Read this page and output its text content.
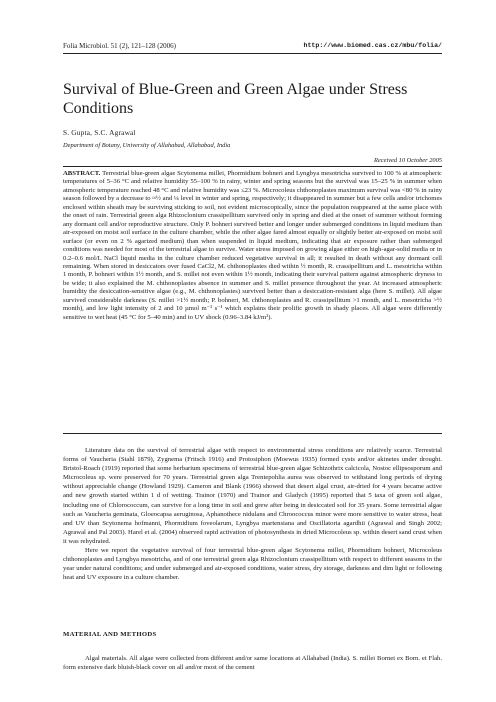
Folia Microbiol. 51 (2), 121–128 (2006)	http://www.biomed.cas.cz/mbu/folia/
Survival of Blue-Green and Green Algae under Stress Conditions
S. Gupta, S.C. Agrawal
Department of Botany, University of Allahabad, Allahabad, India
Received 10 October 2005
ABSTRACT. Terrestrial blue-green algae Scytonema millei, Phormidium bohneri and Lyngbya mesotricha survived to 100 % at atmospheric temperatures of 5–36 °C and relative humidity 55–100 % in rainy, winter and spring seasons but the survival was 15–25 % in summer when atmospheric temperature reached 48 °C and relative humidity was ≤23 %. Microcoleus chthonoplastes maximum survival was <80 % in rainy season followed by a decrease to ≈½ and ¼ level in winter and spring, respectively; it disappeared in summer but a few cells and/or trichomes enclosed within sheath may be surviving sticking to soil, not evident microscopically, since the population reappeared at the same place with the onset of rain. Terrestrial green alga Rhizoclonium crassipellitum survived only in spring and died at the onset of summer without forming any dormant cell and/or reproductive structure. Only P. bohneri survived better and longer under submerged conditions in liquid medium than air-exposed on moist soil surface in the culture chamber, while the other algae fared almost equally or slightly better air-exposed on moist soil surface (or even on 2 % agarized medium) than when suspended in liquid medium, indicating that air exposure rather than submerged conditions was needed for most of the terrestrial algae to survive. Water stress imposed on growing algae either on high-agar-solid media or in 0.2–0.6 mol/L NaCl liquid media in the culture chamber reduced vegetative survival in all; it resulted in death without any dormant cell remaining. When stored in desiccators over fused CaCl2, M. chthonoplastes died within ½ month, R. crassipellitum and L. mesotricha within 1 month, P. bohneri within 1½ month, and S. millei not even within 1½ month, indicating their survival pattern against atmospheric dryness to be wide; it also explained the M. chthonoplastes absence in summer and S. millei presence throughout the year. At increased atmospheric humidity the desiccation-sensitive algae (e.g., M. chthonoplastes) survived better than a desiccation-resistant alga (here S. millei). All algae survived considerable darkness (S. millei >1½ month; P. bohneri, M. chthonoplastes and R. crassipellitum >1 month, and L. mesotricha >½ month), and low light intensity of 2 and 10 µmol m⁻² s⁻¹ which explains their prolific growth in shady places. All algae were differently sensitive to wet heat (45 °C for 5–40 min) and to UV shock (0.96–3.84 kJ/m²).

Literature data on the survival of terrestrial algae with respect to environmental stress conditions are relatively scarce. Terrestrial forms of Vaucheria (Stahl 1879), Zygnema (Fritsch 1916) and Protosiphon (Moewus 1935) formed cysts and/or akinetes under drought. Bristol-Roach (1919) reported that some herbarium specimens of terrestrial blue-green algae Schizothrix calcicola, Nostoc ellipsosporum and Microcoleus sp. were preserved for 70 years. Terrestrial green alga Trentepohlia aurea was observed to withstand long periods of drying without appreciable change (Howland 1929). Cameron and Blank (1966) showed that desert algal crust, air-dried for 4 years became active and new growth started within 1 d of wetting. Trainor (1970) and Trainor and Gladych (1995) reported that 5 taxa of green soil algae, including one of Chlorococcum, can survive for a long time in soil and grew after being in desiccated soil for 35 years. Some terrestrial algae such as Vaucheria geminata, Gloeocapsa aeruginosa, Aphanothece nidulans and Chroococcus minor were more sensitive to water stress, heat and UV than Scytonema hofmanni, Phormidium foveolarum, Lyngbya martensiana and Oscillatoria agardhii (Agrawal and Singh 2002; Agrawal and Pal 2003). Harel et al. (2004) observed rapid activation of photosynthesis in dried Microcoleus sp. within desert sand crust when it was rehydrated.

Here we report the vegetative survival of four terrestrial blue-green algae Scytonema millei, Phormidium bohneri, Microcoleus chthonoplastes and Lyngbya mesotricha, and of one terrestrial green alga Rhizoclonium crassipellitum with respect to different seasons in the year under natural conditions; and under submerged and air-exposed conditions, water stress, dry storage, darkness and dim light or following heat and UV exposure in a culture chamber.

MATERIAL AND METHODS

Algal materials. All algae were collected from different and/or same locations at Allahabad (India). S. millei Bornet ex Born. et Flah. form extensive dark bluish-black cover on all and/or most of the cement
